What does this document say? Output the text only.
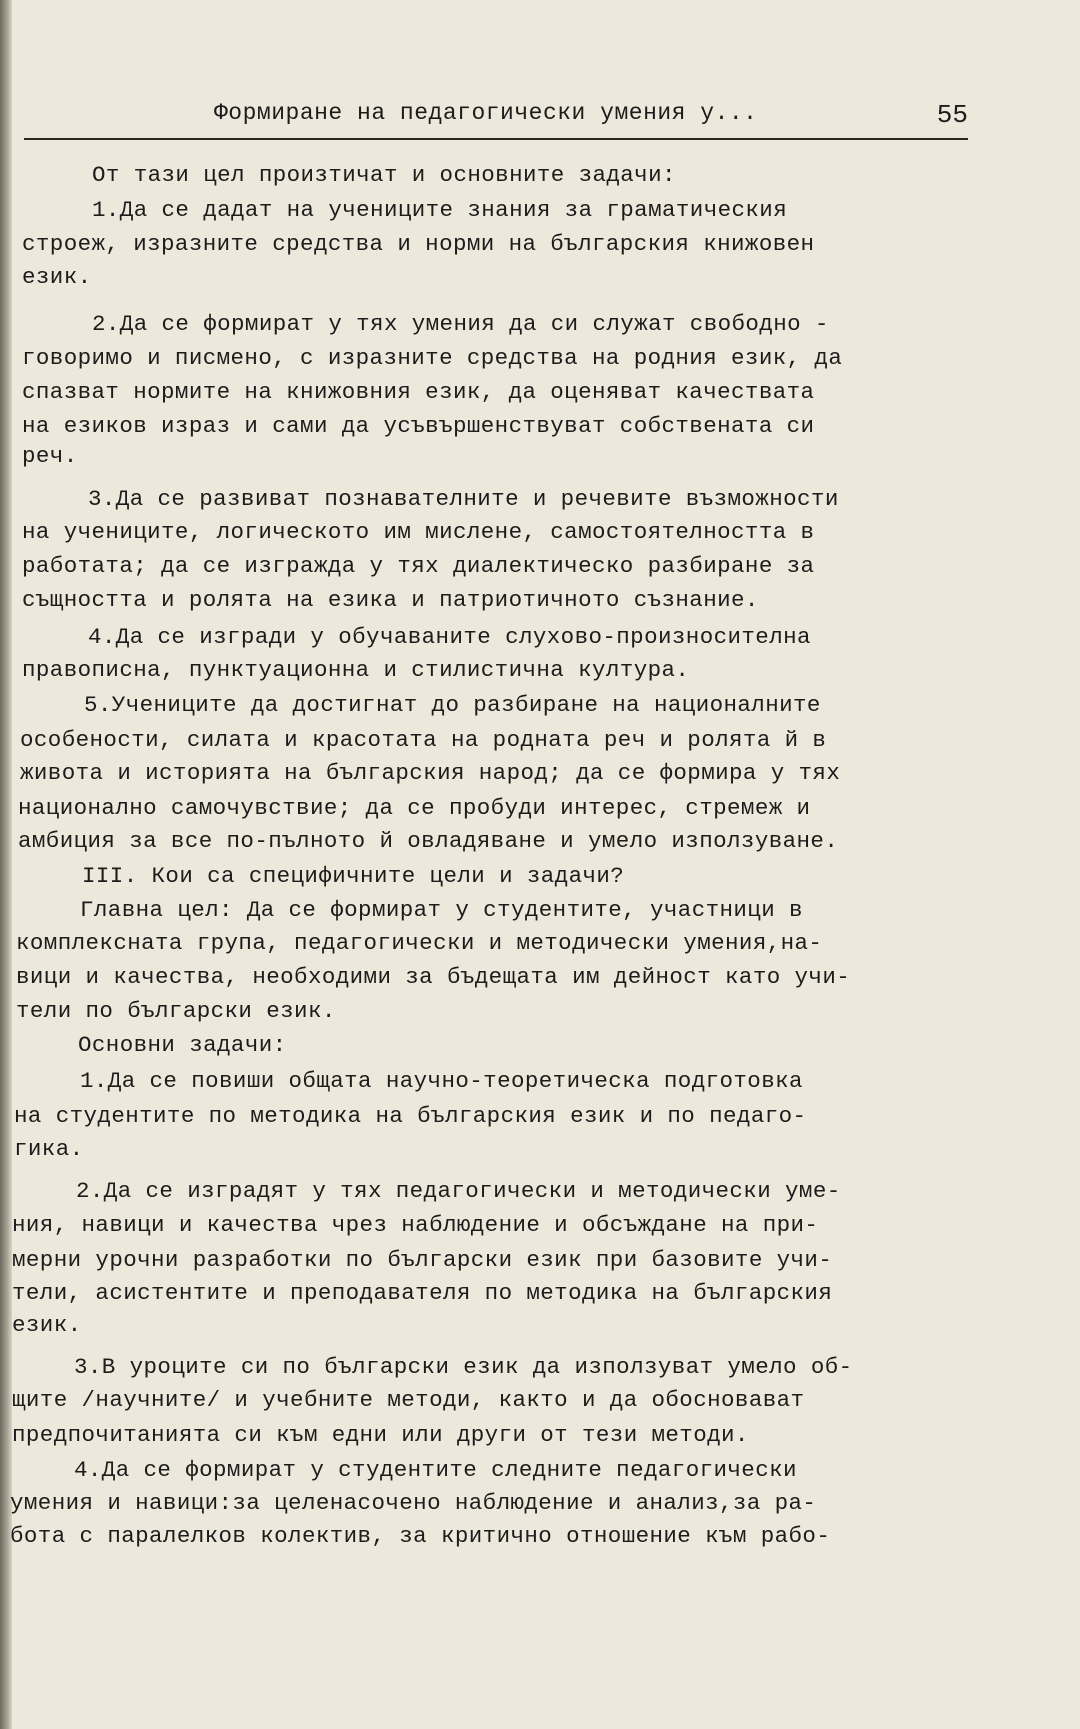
Формиране на педагогически умения у...	55
От тази цел произтичат и основните задачи:
1.Да се дадат на учениците знания за граматическия
строеж, изразните средства и норми на българския книжовен
език.
2.Да се формират у тях умения да си служат свободно -
говоримо и писмено, с изразните средства на родния език, да
спазват нормите на книжовния език, да оценяват качествата
на езиков израз и сами да усъвършенствуват собствената си
реч.
3.Да се развиват познавателните и речевите възможности
на учениците, логическото им мислене, самостоятелността в
работата; да се изгражда у тях диалектическо разбиране за
същността и ролята на езика и патриотичното съзнание.
4.Да се изгради у обучаваните слухово-произносителна
правописна, пунктуационна и стилистична култура.
5.Учениците да достигнат до разбиране на националните
особености, силата и красотата на родната реч и ролята й в
живота и историята на българския народ; да се формира у тях
национално самочувствие; да се пробуди интерес, стремеж и
амбиция за все по-пълното й овладяване и умело използуване.
III. Кои са специфичните цели и задачи?
Главна цел: Да се формират у студентите, участници в
комплексната група, педагогически и методически умения,на-
вици и качества, необходими за бъдещата им дейност като учи-
тели по български език.
Основни задачи:
1.Да се повиши общата научно-теоретическа подготовка
на студентите по методика на българския език и по педаго-
гика.
2.Да се изградят у тях педагогически и методически уме-
ния, навици и качества чрез наблюдение и обсъждане на при-
мерни урочни разработки по български език при базовите учи-
тели, асистентите и преподавателя по методика на българския
език.
3.В уроците си по български език да използуват умело об-
щите /научните/ и учебните методи, както и да обосновават
предпочитанията си към едни или други от тези методи.
4.Да се формират у студентите следните педагогически
умения и навици:за целенасочено наблюдение и анализ,за ра-
бота с паралелков колектив, за критично отношение към рабо-
